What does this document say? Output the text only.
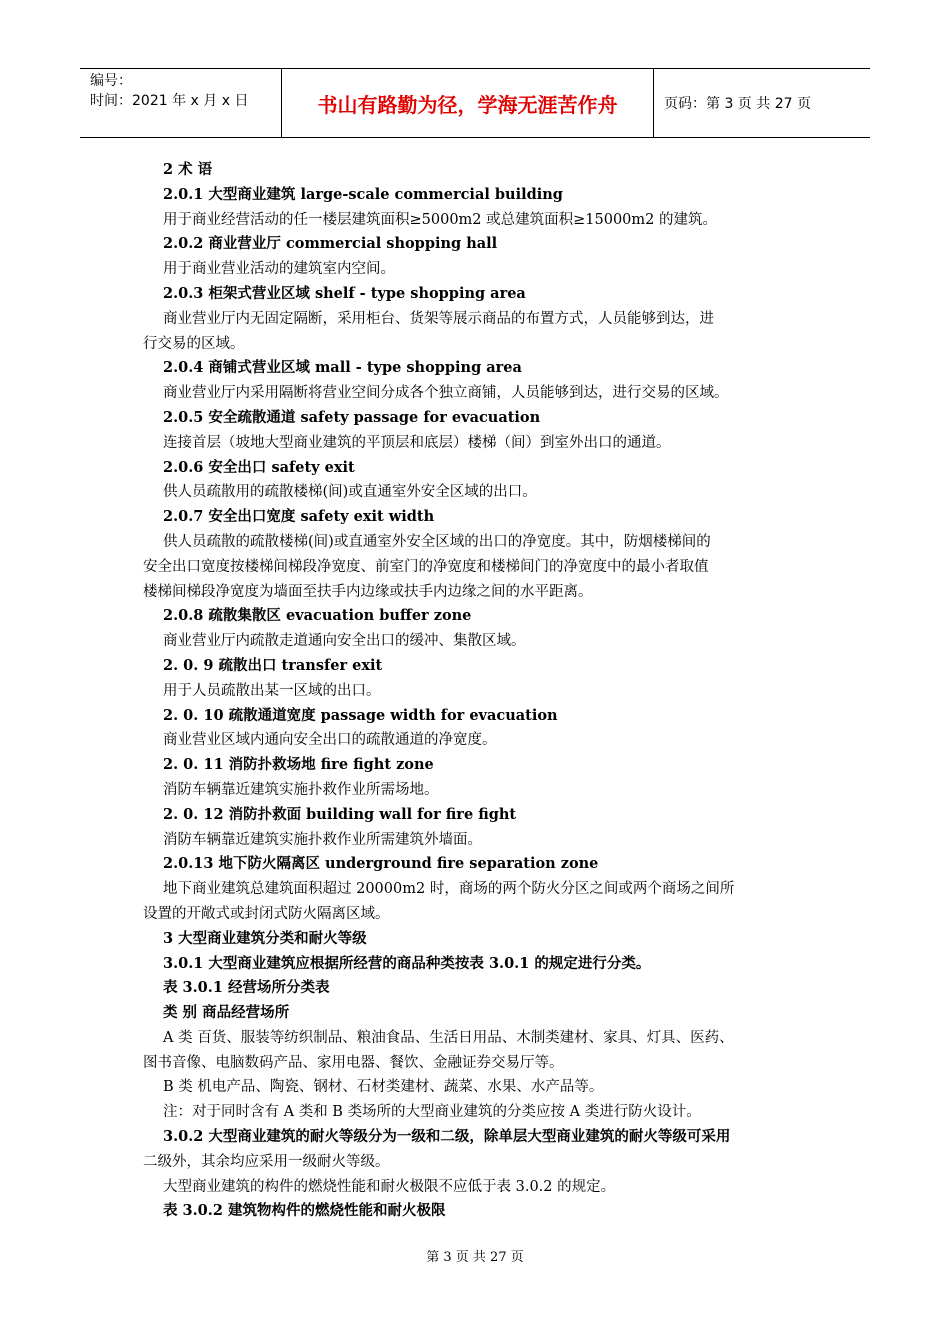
编号：
时间：2021 年 x 月 x 日	书山有路勤为径，学海无涯苦作舟	页码：第 3 页 共 27 页
2 术 语
2.0.1 大型商业建筑 large-scale commercial building
用于商业经营活动的任一楼层建筑面积≥5000m2 或总建筑面积≥15000m2 的建筑。
2.0.2 商业营业厅 commercial shopping hall
用于商业营业活动的建筑室内空间。
2.0.3 柜架式营业区域 shelf - type shopping area
商业营业厅内无固定隔断，采用柜台、货架等展示商品的布置方式，人员能够到达，进
行交易的区域。
2.0.4 商铺式营业区域 mall - type shopping area
商业营业厅内采用隔断将营业空间分成各个独立商铺，人员能够到达，进行交易的区域。
2.0.5 安全疏散通道 safety passage for evacuation
连接首层（坡地大型商业建筑的平顶层和底层）楼梯（间）到室外出口的通道。
2.0.6 安全出口 safety exit
供人员疏散用的疏散楼梯(间)或直通室外安全区域的出口。
2.0.7 安全出口宽度 safety exit width
供人员疏散的疏散楼梯(间)或直通室外安全区域的出口的净宽度。其中，防烟楼梯间的
安全出口宽度按楼梯间梯段净宽度、前室门的净宽度和楼梯间门的净宽度中的最小者取值
楼梯间梯段净宽度为墙面至扶手内边缘或扶手内边缘之间的水平距离。
2.0.8 疏散集散区 evacuation buffer zone
商业营业厅内疏散走道通向安全出口的缓冲、集散区域。
2. 0. 9 疏散出口 transfer exit
用于人员疏散出某一区域的出口。
2. 0. 10 疏散通道宽度 passage width for evacuation
商业营业区域内通向安全出口的疏散通道的净宽度。
2. 0. 11 消防扑救场地 fire fight zone
消防车辆靠近建筑实施扑救作业所需场地。
2. 0. 12 消防扑救面 building wall for fire fight
消防车辆靠近建筑实施扑救作业所需建筑外墙面。
2.0.13 地下防火隔离区 underground fire separation zone
地下商业建筑总建筑面积超过 20000m2 时，商场的两个防火分区之间或两个商场之间所
设置的开敞式或封闭式防火隔离区域。
3 大型商业建筑分类和耐火等级
3.0.1 大型商业建筑应根据所经营的商品种类按表 3.0.1 的规定进行分类。
表 3.0.1 经营场所分类表
类 别 商品经营场所
A 类 百货、服装等纺织制品、粮油食品、生活日用品、木制类建材、家具、灯具、医药、
图书音像、电脑数码产品、家用电器、餐饮、金融证券交易厅等。
B 类 机电产品、陶瓷、钢材、石材类建材、蔬菜、水果、水产品等。
注：对于同时含有 A 类和 B 类场所的大型商业建筑的分类应按 A 类进行防火设计。
3.0.2 大型商业建筑的耐火等级分为一级和二级，除单层大型商业建筑的耐火等级可采用
二级外，其余均应采用一级耐火等级。
大型商业建筑的构件的燃烧性能和耐火极限不应低于表 3.0.2 的规定。
表 3.0.2 建筑物构件的燃烧性能和耐火极限
第 3 页 共 27 页
